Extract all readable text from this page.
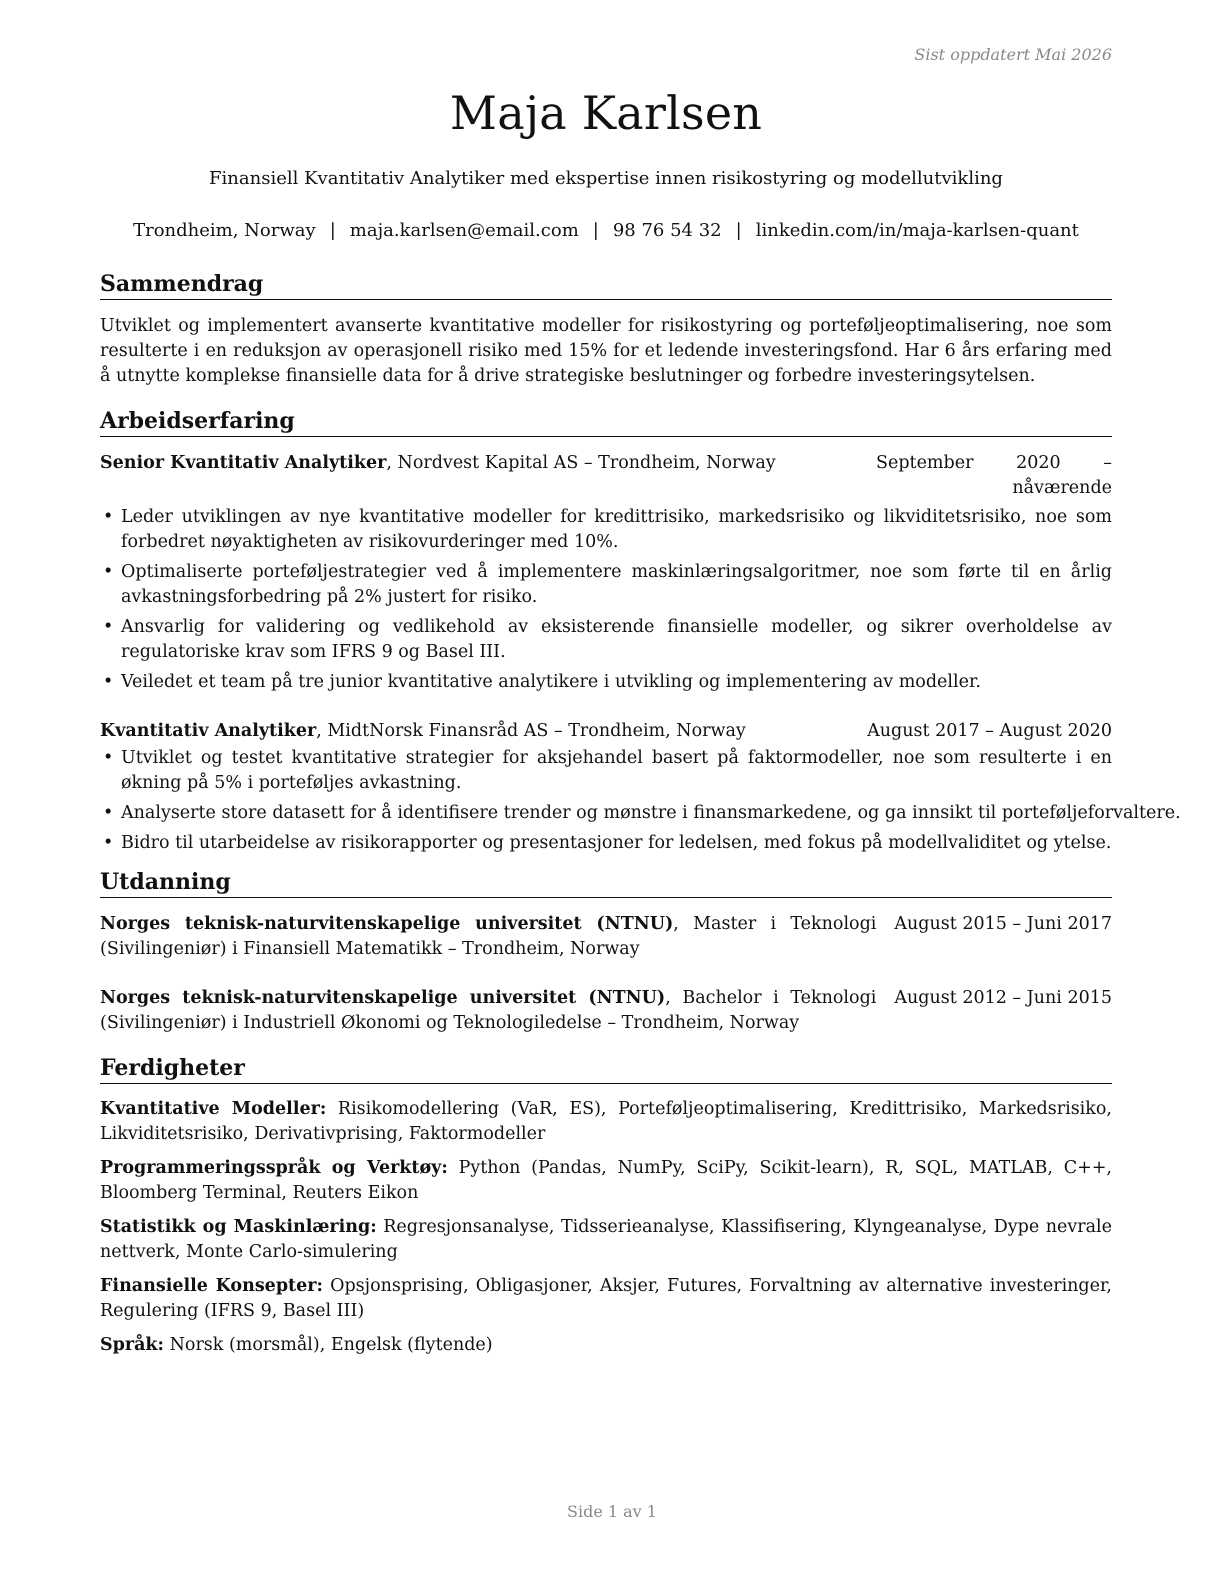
Sist oppdatert Mai 2026
Maja Karlsen
Finansiell Kvantitativ Analytiker med ekspertise innen risikostyring og modellutvikling
Trondheim, Norway | maja.karlsen@email.com | 98 76 54 32 | linkedin.com/in/maja-karlsen-quant
Sammendrag

Utviklet og implementert avanserte kvantitative modeller for risikostyring og porteføljeoptimalisering, noe som resulterte i en reduksjon av operasjonell risiko med 15% for et ledende investeringsfond. Har 6 års erfaring med å utnytte komplekse finansielle data for å drive strategiske beslutninger og forbedre investeringsytelsen.

Arbeidserfaring
Senior Kvantitativ Analytiker, Nordvest Kapital AS – Trondheim, Norway	September 2020 – nåværende
• Leder utviklingen av nye kvantitative modeller for kredittrisiko, markedsrisiko og likviditetsrisiko, noe som forbedret nøyaktigheten av risikovurderinger med 10%.
• Optimaliserte porteføljestrategier ved å implementere maskinlæringsalgoritmer, noe som førte til en årlig avkastningsforbedring på 2% justert for risiko.
• Ansvarlig for validering og vedlikehold av eksisterende finansielle modeller, og sikrer overholdelse av regulatoriske krav som IFRS 9 og Basel III.
• Veiledet et team på tre junior kvantitative analytikere i utvikling og implementering av modeller.
Kvantitativ Analytiker, MidtNorsk Finansråd AS – Trondheim, Norway	August 2017 – August 2020
• Utviklet og testet kvantitative strategier for aksjehandel basert på faktormodeller, noe som resulterte i en økning på 5% i porteføljes avkastning.
• Analyserte store datasett for å identifisere trender og mønstre i finansmarkedene, og ga innsikt til porteføljeforvaltere.
• Bidro til utarbeidelse av risikorapporter og presentasjoner for ledelsen, med fokus på modellvaliditet og ytelse.
Utdanning
Norges teknisk-naturvitenskapelige universitet (NTNU), Master i Teknologi (Sivilingeniør) i Finansiell Matematikk – Trondheim, Norway
August 2015 – Juni 2017
Norges teknisk-naturvitenskapelige universitet (NTNU), Bachelor i Teknologi (Sivilingeniør) i Industriell Økonomi og Teknologiledelse – Trondheim, Norway
August 2012 – Juni 2015
Ferdigheter
Kvantitative Modeller: Risikomodellering (VaR, ES), Porteføljeoptimalisering, Kredittrisiko, Markedsrisiko, Likviditetsrisiko, Derivativprising, Faktormodeller
Programmeringsspråk og Verktøy: Python (Pandas, NumPy, SciPy, Scikit-learn), R, SQL, MATLAB, C++, Bloomberg Terminal, Reuters Eikon
Statistikk og Maskinlæring: Regresjonsanalyse, Tidsserieanalyse, Klassifisering, Klyngeanalyse, Dype nevrale nettverk, Monte Carlo-simulering
Finansielle Konsepter: Opsjonsprising, Obligasjoner, Aksjer, Futures, Forvaltning av alternative investeringer, Regulering (IFRS 9, Basel III)
Språk: Norsk (morsmål), Engelsk (flytende)
Side 1 av 1
